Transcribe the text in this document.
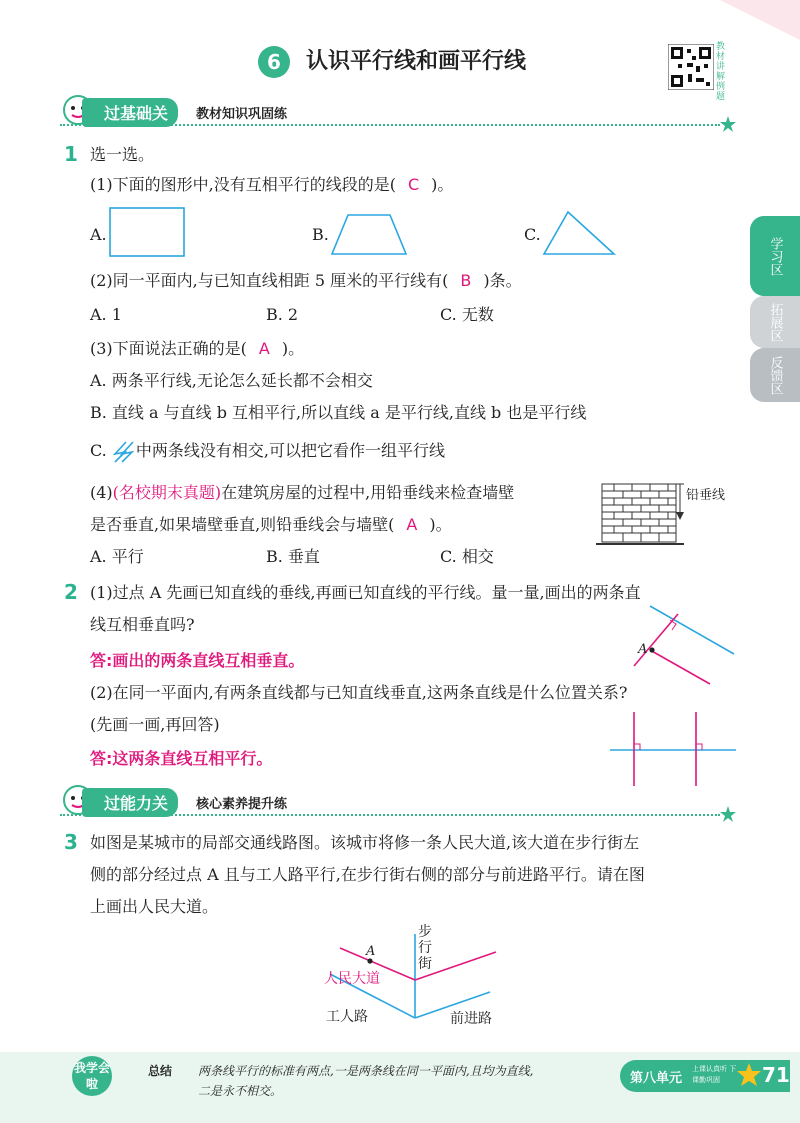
6	认识平行线和画平行线
教材讲解例题
学习区
拓展区
反馈区
过基础关	教材知识巩固练
1 选一选。
(1)下面的图形中,没有互相平行的线段的是( C )。
A.	B.	C.
(2)同一平面内,与已知直线相距 5 厘米的平行线有( B )条。
A. 1	B. 2	C. 无数
(3)下面说法正确的是( A )。
A. 两条平行线,无论怎么延长都不会相交
B. 直线 a 与直线 b 互相平行,所以直线 a 是平行线,直线 b 也是平行线
C. 中两条线没有相交,可以把它看作一组平行线
(4)(名校期末真题)在建筑房屋的过程中,用铅垂线来检查墙壁
是否垂直,如果墙壁垂直,则铅垂线会与墙壁( A )。
A. 平行	B. 垂直	C. 相交
铅垂线
2 (1)过点 A 先画已知直线的垂线,再画已知直线的平行线。量一量,画出的两条直
线互相垂直吗?
答:画出的两条直线互相垂直。
A
(2)在同一平面内,有两条直线都与已知直线垂直,这两条直线是什么位置关系?
(先画一画,再回答)
答:这两条直线互相平行。
过能力关	核心素养提升练
3 如图是某城市的局部交通线路图。该城市将修一条人民大道,该大道在步行街左
侧的部分经过点 A 且与工人路平行,在步行街右侧的部分与前进路平行。请在图
上画出人民大道。
A
步行街
人民大道
工人路	前进路
我学会啦
总结 两条线平行的标准有两点,一是两条线在同一平面内,且均为直线,
二是永不相交。
第八单元
上课认真听 下课勤巩固	71
